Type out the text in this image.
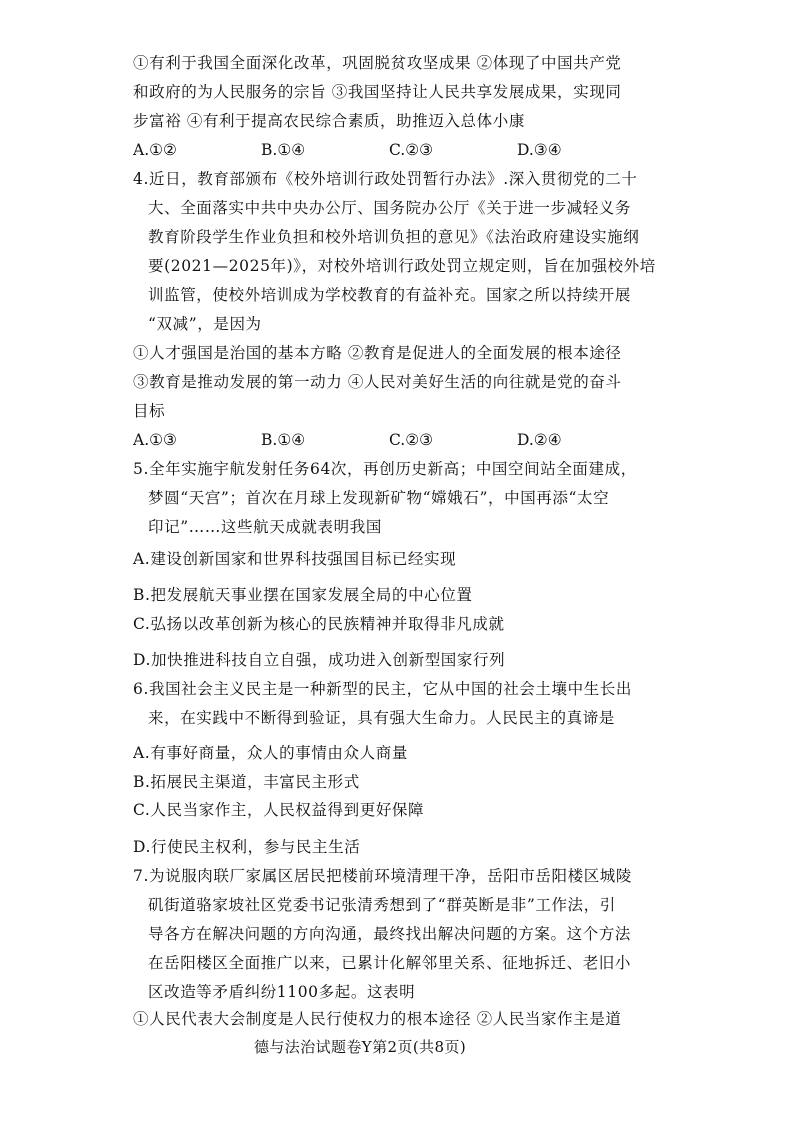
①有利于我国全面深化改革，巩固脱贫攻坚成果 ②体现了中国共产党
和政府的为人民服务的宗旨 ③我国坚持让人民共享发展成果，实现同
步富裕 ④有利于提高农民综合素质，助推迈入总体小康
A.①②	B.①④	C.②③	D.③④
4.近日，教育部颁布《校外培训行政处罚暂行办法》.深入贯彻党的二十
大、全面落实中共中央办公厅、国务院办公厅《关于进一步减轻义务
教育阶段学生作业负担和校外培训负担的意见》《法治政府建设实施纲
要(2021—2025年)》，对校外培训行政处罚立规定则，旨在加强校外培
训监管，使校外培训成为学校教育的有益补充。国家之所以持续开展
“双减”，是因为
①人才强国是治国的基本方略 ②教育是促进人的全面发展的根本途径
③教育是推动发展的第一动力 ④人民对美好生活的向往就是党的奋斗
目标
A.①③	B.①④	C.②③	D.②④
5.全年实施宇航发射任务64次，再创历史新高；中国空间站全面建成，
梦圆“天宫”；首次在月球上发现新矿物“嫦娥石”，中国再添“太空
印记”……这些航天成就表明我国
A.建设创新国家和世界科技强国目标已经实现
B.把发展航天事业摆在国家发展全局的中心位置
C.弘扬以改革创新为核心的民族精神并取得非凡成就
D.加快推进科技自立自强，成功进入创新型国家行列
6.我国社会主义民主是一种新型的民主，它从中国的社会土壤中生长出
来，在实践中不断得到验证，具有强大生命力。人民民主的真谛是
A.有事好商量，众人的事情由众人商量
B.拓展民主渠道，丰富民主形式
C.人民当家作主，人民权益得到更好保障
D.行使民主权利，参与民主生活
7.为说服肉联厂家属区居民把楼前环境清理干净，岳阳市岳阳楼区城陵
矶街道骆家坡社区党委书记张清秀想到了“群英断是非”工作法，引
导各方在解决问题的方向沟通，最终找出解决问题的方案。这个方法
在岳阳楼区全面推广以来，已累计化解邻里关系、征地拆迁、老旧小
区改造等矛盾纠纷1100多起。这表明
①人民代表大会制度是人民行使权力的根本途径 ②人民当家作主是道
德与法治试题卷Y第2页(共8页)
